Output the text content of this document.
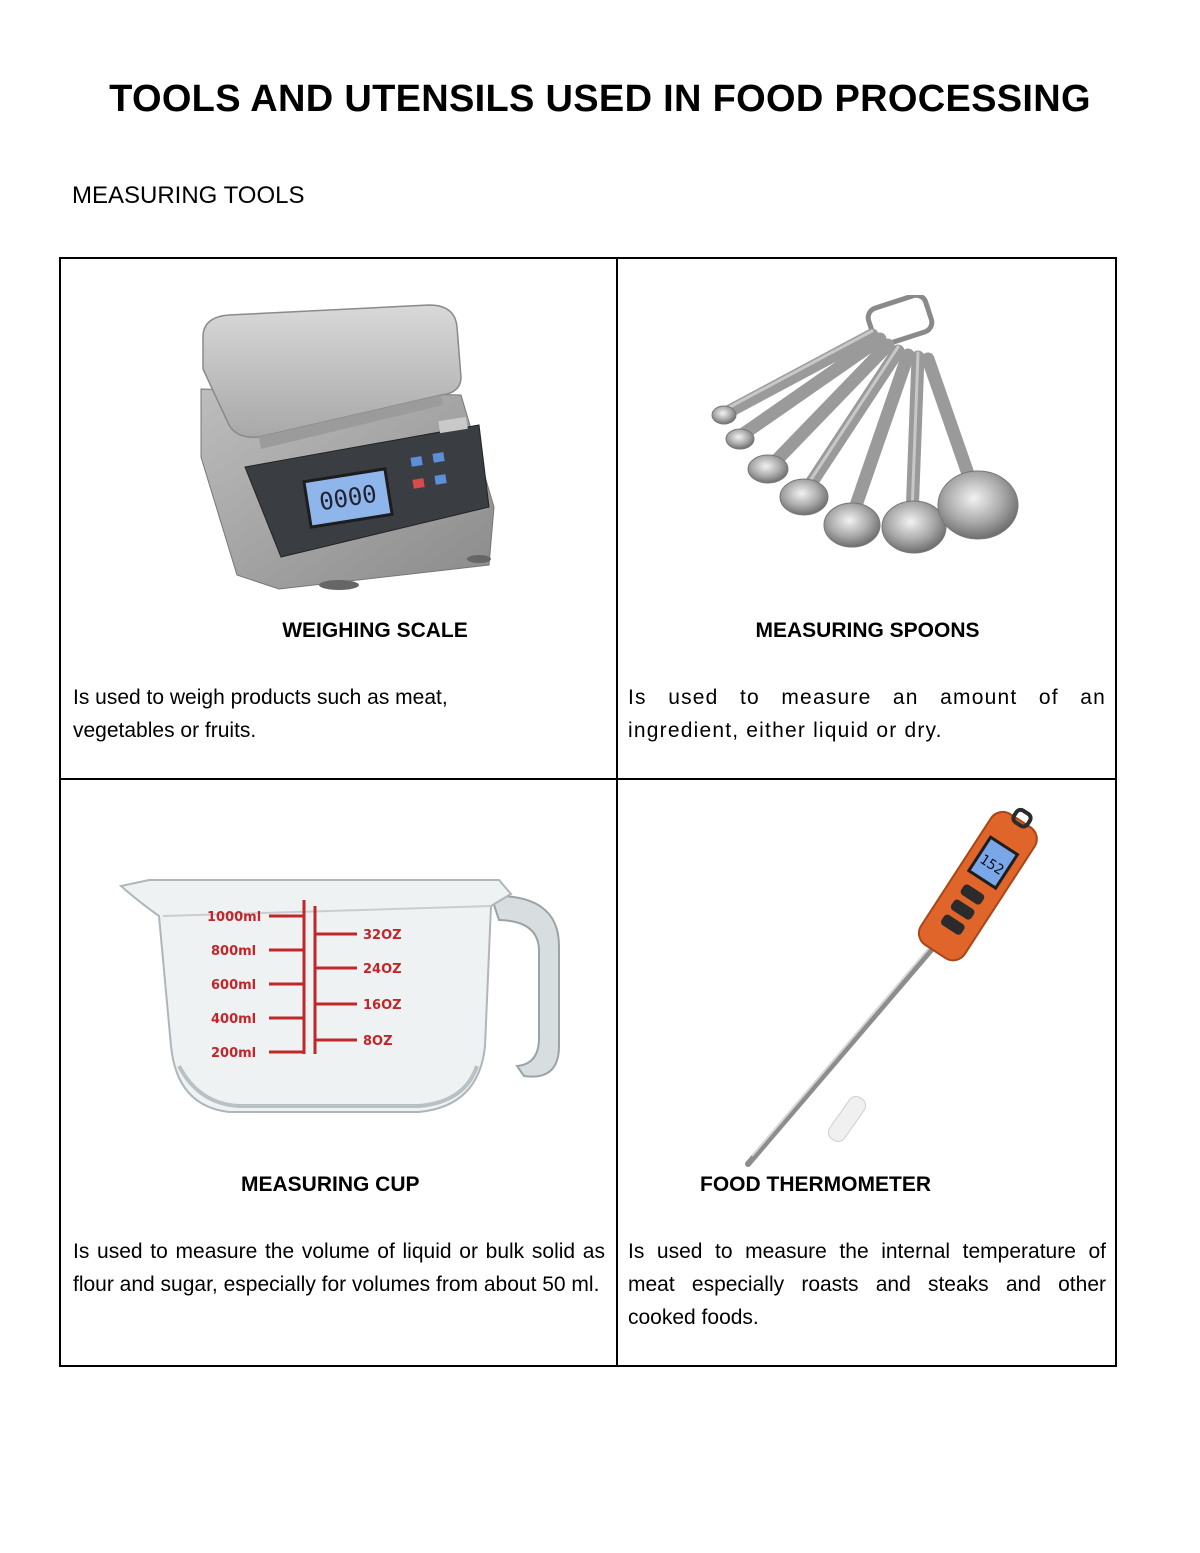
TOOLS AND UTENSILS USED IN FOOD PROCESSING
MEASURING TOOLS
0000
WEIGHING SCALE
Is used to weigh products such as meat, vegetables or fruits.
MEASURING SPOONS
Is used to measure an amount of an ingredient, either liquid or dry.
1000ml
800ml
600ml
400ml
200ml
32OZ
24OZ
16OZ
8OZ
MEASURING CUP
Is used to measure the volume of liquid or bulk solid as flour and sugar, especially for volumes from about 50 ml.
152
FOOD THERMOMETER
Is used to measure the internal temperature of meat especially roasts and steaks and other cooked foods.
